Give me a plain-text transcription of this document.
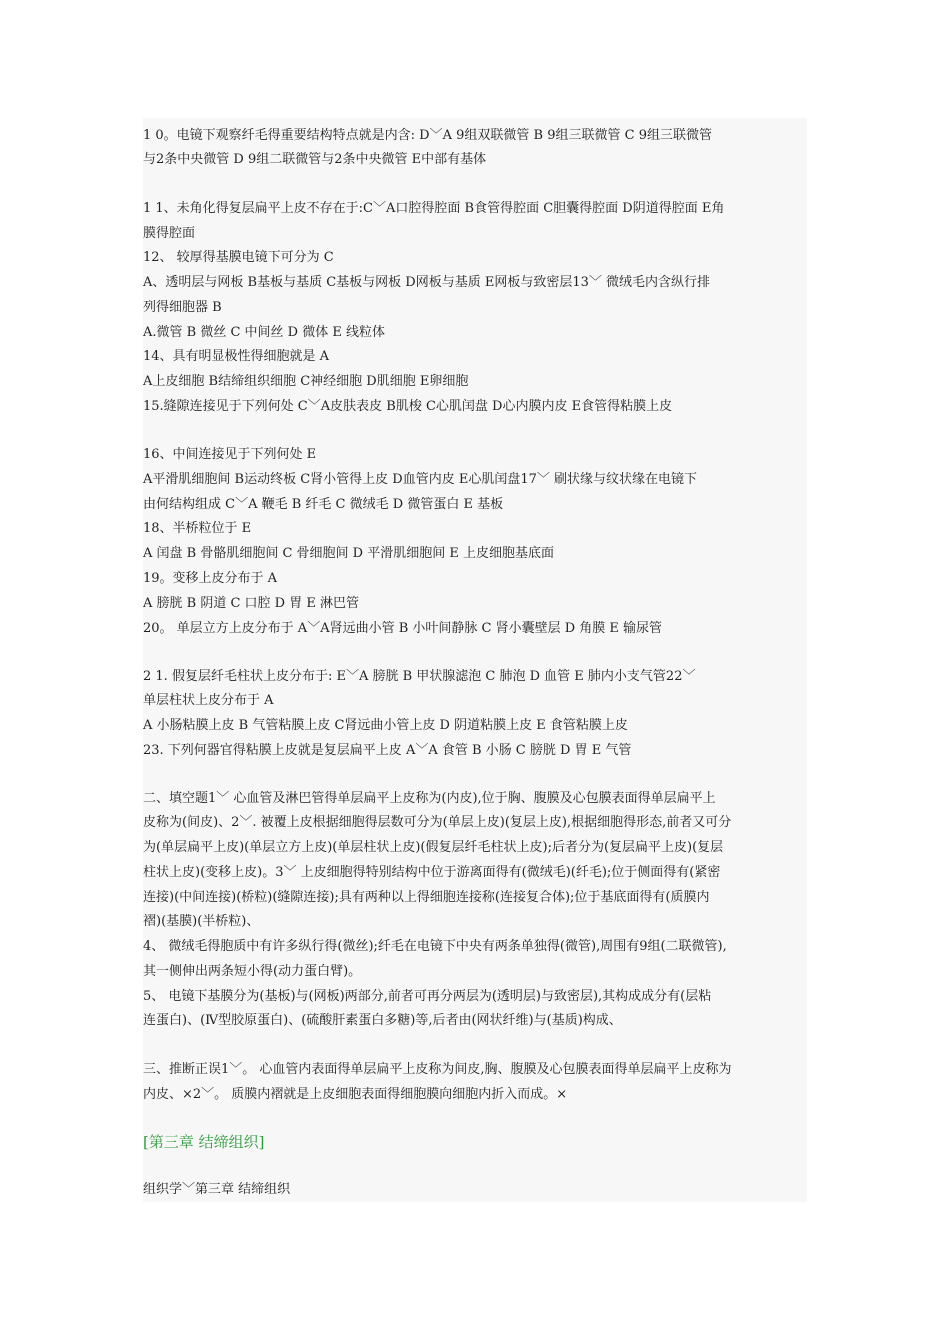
1 0。电镜下观察纤毛得重要结构特点就是内含: D﹀A 9组双联微管 B 9组三联微管 C 9组三联微管
与2条中央微管 D 9组二联微管与2条中央微管 E中部有基体
1 1、未角化得复层扁平上皮不存在于:C﹀A口腔得腔面 B食管得腔面 C胆囊得腔面 D阴道得腔面 E角
膜得腔面
12、 较厚得基膜电镜下可分为 C
A、透明层与网板 B基板与基质 C基板与网板 D网板与基质 E网板与致密层13﹀ 微绒毛内含纵行排
列得细胞器 B
A.微管 B 微丝 C 中间丝 D 微体 E 线粒体
14、具有明显极性得细胞就是 A
A上皮细胞 B结缔组织细胞 C神经细胞 D肌细胞 E卵细胞
15.缝隙连接见于下列何处 C﹀A皮肤表皮 B肌梭 C心肌闰盘 D心内膜内皮 E食管得粘膜上皮
16、中间连接见于下列何处 E
A平滑肌细胞间 B运动终板 C肾小管得上皮 D血管内皮 E心肌闰盘17﹀ 刷状缘与纹状缘在电镜下
由何结构组成 C﹀A 鞭毛 B 纤毛 C 微绒毛 D 微管蛋白 E 基板
18、半桥粒位于 E
A 闰盘 B 骨骼肌细胞间 C 骨细胞间 D 平滑肌细胞间 E 上皮细胞基底面
19。变移上皮分布于 A
A 膀胱 B 阴道 C 口腔 D 胃 E 淋巴管
20。 单层立方上皮分布于 A﹀A肾远曲小管 B 小叶间静脉 C 肾小囊壁层 D 角膜 E 输尿管
2 1. 假复层纤毛柱状上皮分布于: E﹀A 膀胱 B 甲状腺滤泡 C 肺泡 D 血管 E 肺内小支气管22﹀
单层柱状上皮分布于 A
A 小肠粘膜上皮 B 气管粘膜上皮 C肾远曲小管上皮 D 阴道粘膜上皮 E 食管粘膜上皮
23. 下列何器官得粘膜上皮就是复层扁平上皮 A﹀A 食管 B 小肠 C 膀胱 D 胃 E 气管
二、填空题1﹀ 心血管及淋巴管得单层扁平上皮称为(内皮),位于胸、腹膜及心包膜表面得单层扁平上
皮称为(间皮)、2﹀. 被覆上皮根据细胞得层数可分为(单层上皮)(复层上皮),根据细胞得形态,前者又可分
为(单层扁平上皮)(单层立方上皮)(单层柱状上皮)(假复层纤毛柱状上皮);后者分为(复层扁平上皮)(复层
柱状上皮)(变移上皮)。3﹀ 上皮细胞得特别结构中位于游离面得有(微绒毛)(纤毛);位于侧面得有(紧密
连接)(中间连接)(桥粒)(缝隙连接);具有两种以上得细胞连接称(连接复合体);位于基底面得有(质膜内
褶)(基膜)(半桥粒)、
4、 微绒毛得胞质中有许多纵行得(微丝);纤毛在电镜下中央有两条单独得(微管),周围有9组(二联微管),
其一侧伸出两条短小得(动力蛋白臂)。
5、 电镜下基膜分为(基板)与(网板)两部分,前者可再分两层为(透明层)与致密层),其构成成分有(层粘
连蛋白)、(Ⅳ型胶原蛋白)、(硫酸肝素蛋白多糖)等,后者由(网状纤维)与(基质)构成、
三、推断正误1﹀。 心血管内表面得单层扁平上皮称为间皮,胸、腹膜及心包膜表面得单层扁平上皮称为
内皮、×2﹀。 质膜内褶就是上皮细胞表面得细胞膜向细胞内折入而成。×
[第三章 结缔组织]
组织学﹀第三章 结缔组织
